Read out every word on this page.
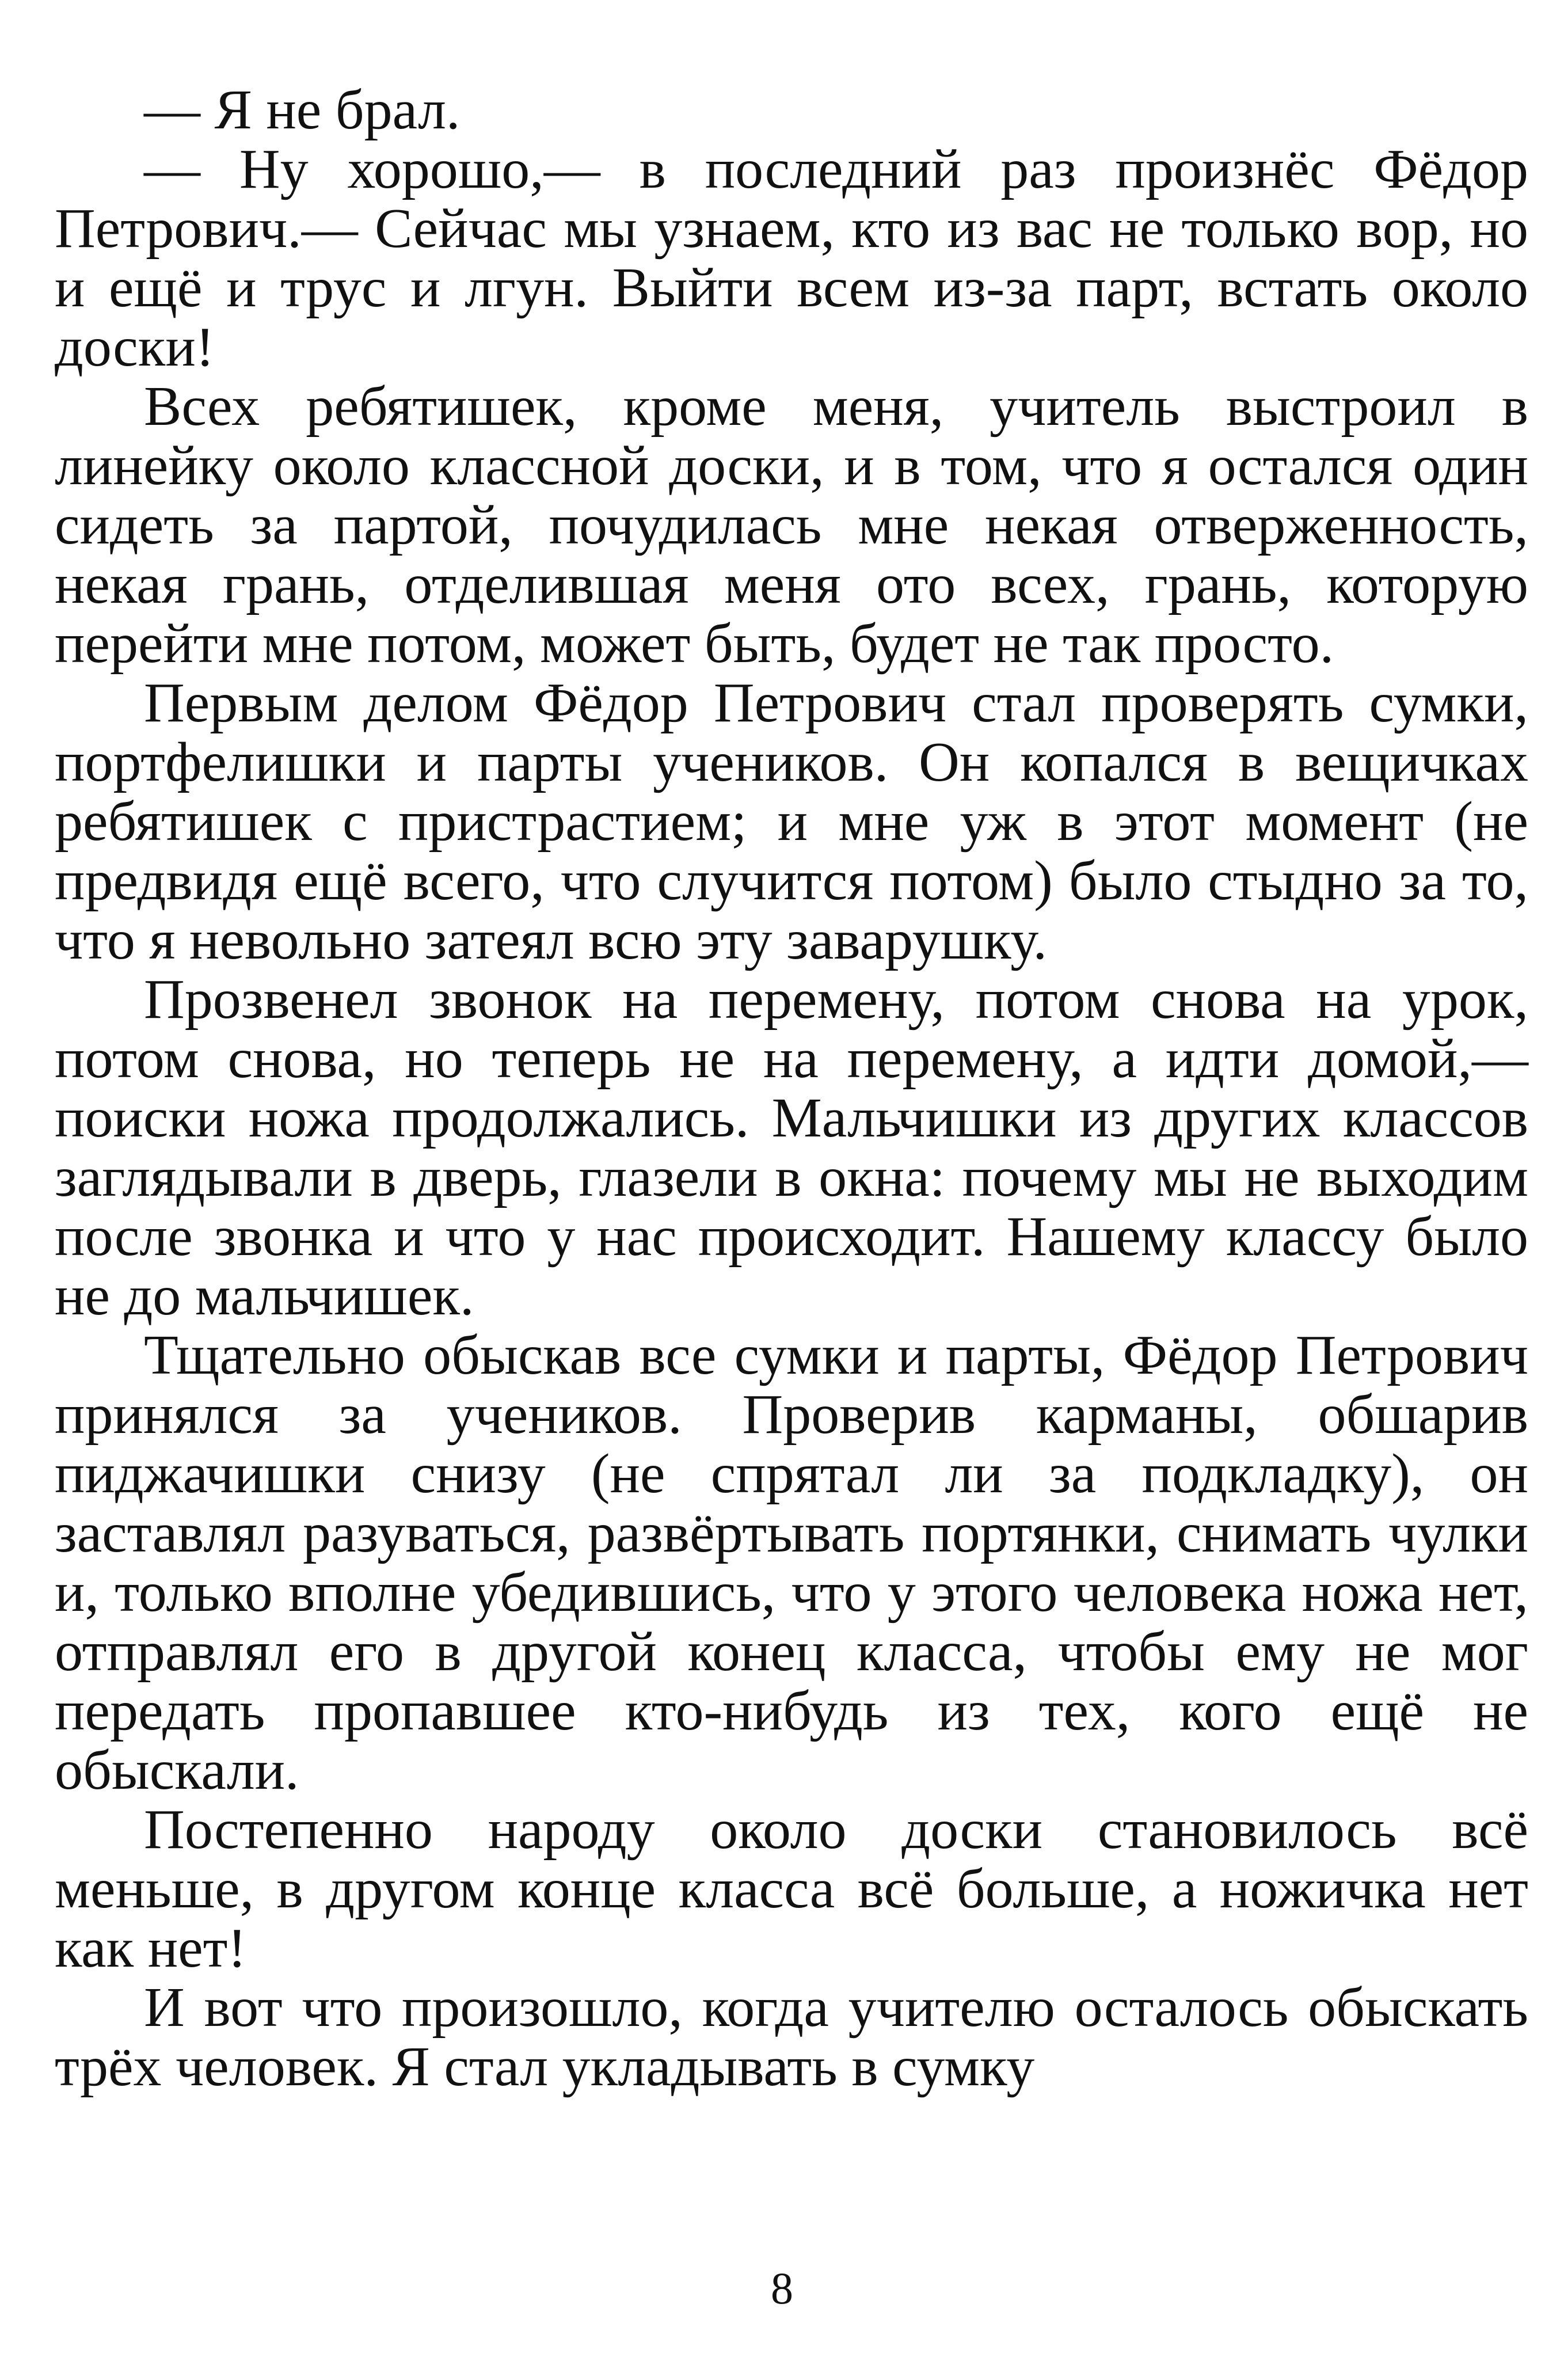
— Я не брал.

— Ну хорошо,— в последний раз произнёс Фёдор Петрович.— Сейчас мы узнаем, кто из вас не только вор, но и ещё и трус и лгун. Выйти всем из-за парт, встать около доски!

Всех ребятишек, кроме меня, учитель выстроил в линейку около классной доски, и в том, что я остался один сидеть за партой, почудилась мне некая отверженность, некая грань, отделившая меня ото всех, грань, которую перейти мне потом, может быть, будет не так просто.

Первым делом Фёдор Петрович стал проверять сумки, портфелишки и парты учеников. Он копался в вещичках ребятишек с пристрастием; и мне уж в этот момент (не предвидя ещё всего, что случится потом) было стыдно за то, что я невольно затеял всю эту заварушку.

Прозвенел звонок на перемену, потом снова на урок, потом снова, но теперь не на перемену, а идти домой,— поиски ножа продолжались. Мальчишки из других классов заглядывали в дверь, глазели в окна: почему мы не выходим после звонка и что у нас происходит. Нашему классу было не до мальчишек.

Тщательно обыскав все сумки и парты, Фёдор Петрович принялся за учеников. Проверив карманы, обшарив пиджачишки снизу (не спрятал ли за подкладку), он заставлял разуваться, развёртывать портянки, снимать чулки и, только вполне убедившись, что у этого человека ножа нет, отправлял его в другой конец класса, чтобы ему не мог передать пропавшее кто-нибудь из тех, кого ещё не обыскали.

Постепенно народу около доски становилось всё меньше, в другом конце класса всё больше, а ножичка нет как нет!

И вот что произошло, когда учителю осталось обыскать трёх человек. Я стал укладывать в сумку

8
